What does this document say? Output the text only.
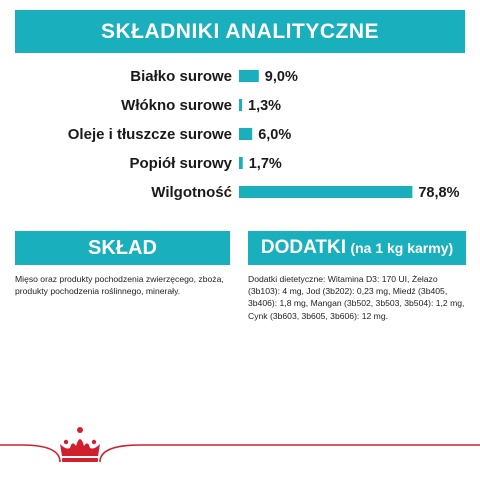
SKŁADNIKI ANALITYCZNE
Białko surowe 9,0%
Włókno surowe 1,3%
Oleje i tłuszcze surowe 6,0%
Popiół surowy 1,7%
Wilgotność	78,8%
SKŁAD
Mięso oraz produkty pochodzenia zwierzęcego, zboża, produkty pochodzenia roślinnego, minerały.
DODATKI (na 1 kg karmy)
Dodatki dietetyczne: Witamina D3: 170 UI, Żelazo (3b103): 4 mg, Jod (3b202): 0,23 mg, Miedź (3b405, 3b406): 1,8 mg, Mangan (3b502, 3b503, 3b504): 1,2 mg, Cynk (3b603, 3b605, 3b606): 12 mg.
